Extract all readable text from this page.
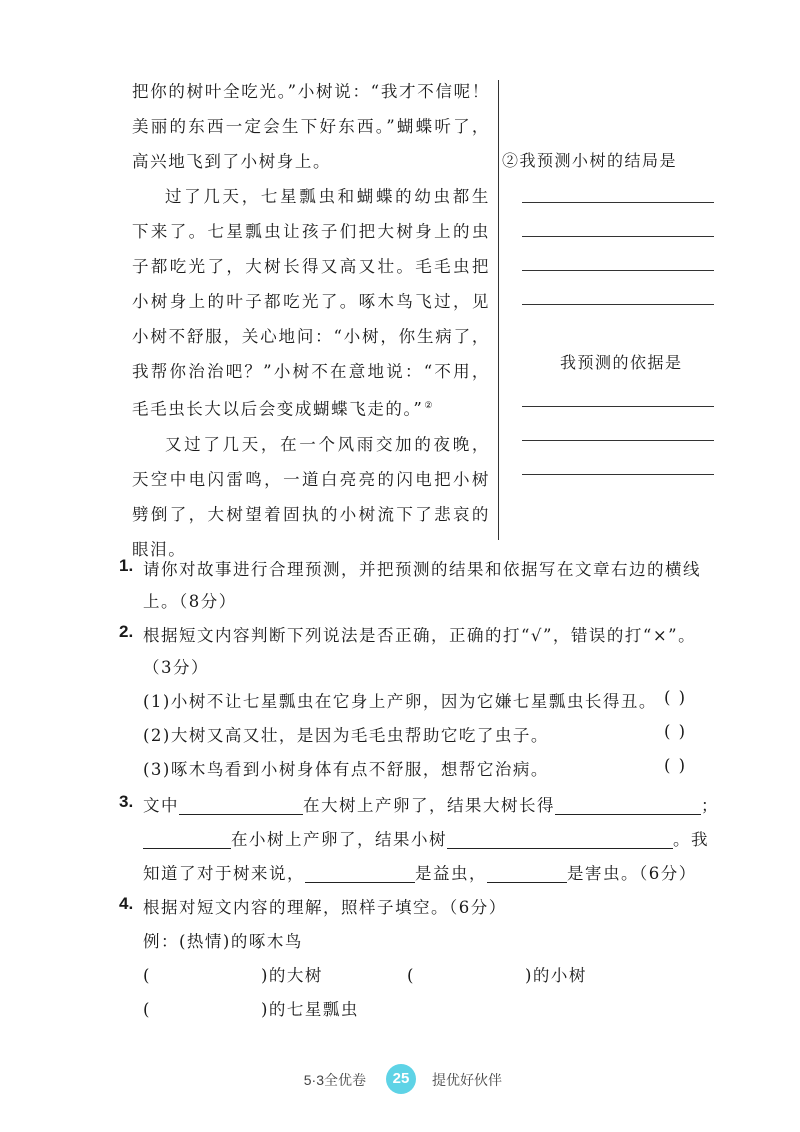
把你的树叶全吃光。”小树说：“我才不信呢！美丽的东西一定会生下好东西。”蝴蝶听了，高兴地飞到了小树身上。

过了几天，七星瓢虫和蝴蝶的幼虫都生下来了。七星瓢虫让孩子们把大树身上的虫子都吃光了，大树长得又高又壮。毛毛虫把小树身上的叶子都吃光了。啄木鸟飞过，见小树不舒服，关心地问：“小树，你生病了，我帮你治治吧？”小树不在意地说：“不用，毛毛虫长大以后会变成蝴蝶飞走的。”②

又过了几天，在一个风雨交加的夜晚，天空中电闪雷鸣，一道白亮亮的闪电把小树劈倒了，大树望着固执的小树流下了悲哀的眼泪。

②我预测小树的结局是
我预测的依据是
1. 请你对故事进行合理预测，并把预测的结果和依据写在文章右边的横线
上。（8分）
2. 根据短文内容判断下列说法是否正确，正确的打“√”，错误的打“×”。
（3分）
(1)小树不让七星瓢虫在它身上产卵，因为它嫌七星瓢虫长得丑。 ( )
(2)大树又高又壮，是因为毛毛虫帮助它吃了虫子。	( )
(3)啄木鸟看到小树身体有点不舒服，想帮它治病。	( )
3. 文中	在大树上产卵了，结果大树长得	；
在小树上产卵了，结果小树	。我
知道了对于树来说，	是益虫，	是害虫。（6分）
4. 根据对短文内容的理解，照样子填空。（6分）
例：(热情)的啄木鸟
(	)的大树	(	)的小树
(	)的七星瓢虫
5·3全优卷	25	提优好伙伴
